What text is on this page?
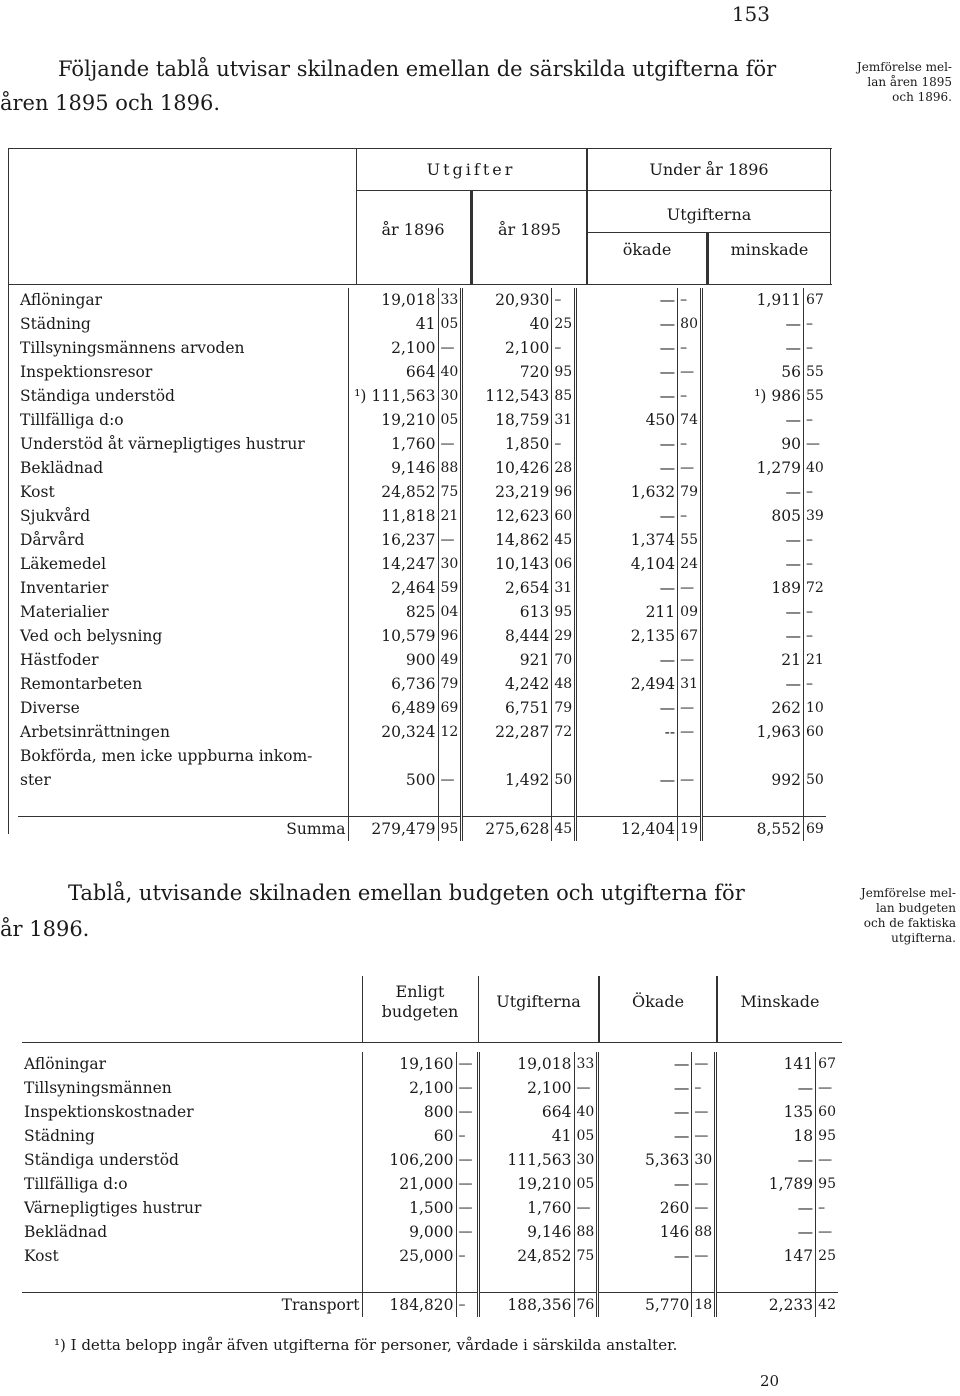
153
Följande tablå utvisar skilnaden emellan de särskilda utgifterna för
åren 1895 och 1896.
Jemförelse mel-
lan åren 1895
och 1896.
Utgifter	Under år 1896
år 1896	år 1895
Utgifterna
ökade	minskade
Aflöningar	19,018	33	20,930	–	—	–	1,911	67
Städning	41	05	40	25	—	80	—	–
Tillsyningsmännens arvoden	2,100	—	2,100	–	—	–	—	–
Inspektionsresor	664	40	720	95	—	—	56	55
Ständiga understöd	¹) 111,563	30	112,543	85	—	–	¹) 986	55
Tillfälliga d:o	19,210	05	18,759	31	450	74	—	–
Understöd åt värnepligtiges hustrur	1,760	—	1,850	–	—	–	90	—
Beklädnad	9,146	88	10,426	28	—	—	1,279	40
Kost	24,852	75	23,219	96	1,632	79	—	–
Sjukvård	11,818	21	12,623	60	—	–	805	39
Dårvård	16,237	—	14,862	45	1,374	55	—	–
Läkemedel	14,247	30	10,143	06	4,104	24	—	–
Inventarier	2,464	59	2,654	31	—	—	189	72
Materialier	825	04	613	95	211	09	—	–
Ved och belysning	10,579	96	8,444	29	2,135	67	—	–
Hästfoder	900	49	921	70	—	—	21	21
Remontarbeten	6,736	79	4,242	48	2,494	31	—	–
Diverse	6,489	69	6,751	79	—	—	262	10
Arbetsinrättningen	20,324	12	22,287	72	--	—	1,963	60
Bokförda, men icke uppburna inkom-								
ster	500	—	1,492	50	—	—	992	50

Summa	279,479	95	275,628	45	12,404	19	8,552	69
Tablå, utvisande skilnaden emellan budgeten och utgifterna för
år 1896.
Jemförelse mel-
lan budgeten
och de faktiska
utgifterna.
Enligt
budgeten
Utgifterna	Ökade	Minskade
Aflöningar	19,160	—	19,018	33	—	—	141	67
Tillsyningsmännen	2,100	—	2,100	—	—	–	—	—
Inspektionskostnader	800	—	664	40	—	—	135	60
Städning	60	–	41	05	—	—	18	95
Ständiga understöd	106,200	—	111,563	30	5,363	30	—	—
Tillfälliga d:o	21,000	—	19,210	05	—	—	1,789	95
Värnepligtiges hustrur	1,500	—	1,760	—	260	—	—	–
Beklädnad	9,000	—	9,146	88	146	88	—	—
Kost	25,000	–	24,852	75	—	—	147	25

Transport	184,820	–	188,356	76	5,770	18	2,233	42
¹) I detta belopp ingår äfven utgifterna för personer, vårdade i särskilda anstalter.
20
